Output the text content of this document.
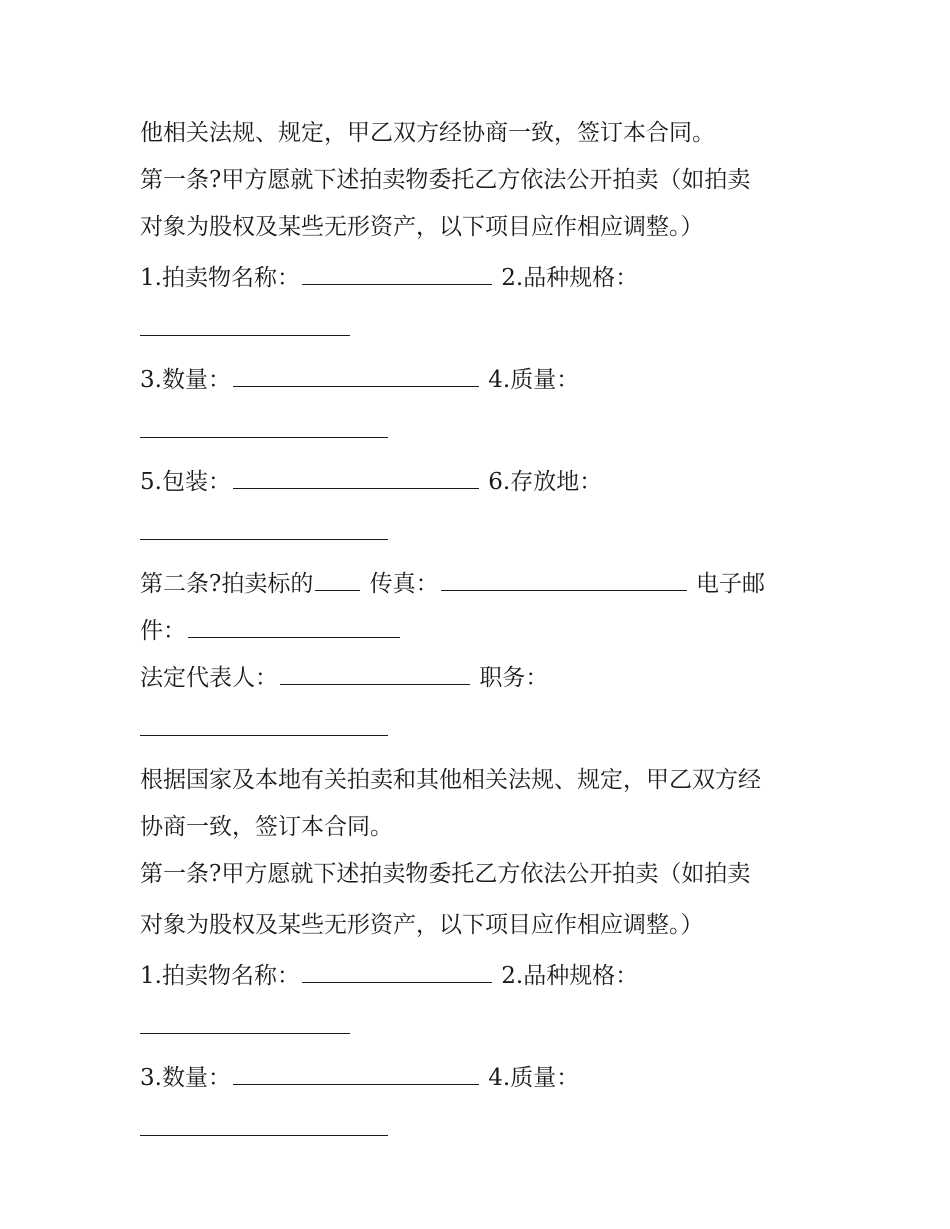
他相关法规、规定，甲乙双方经协商一致，签订本合同。
第一条?甲方愿就下述拍卖物委托乙方依法公开拍卖（如拍卖
对象为股权及某些无形资产，以下项目应作相应调整。）
1.拍卖物名称：	2.品种规格：
3.数量：	4.质量：
5.包装：	6.存放地：
第二条?拍卖标的 传真：	电子邮
件：
法定代表人：	职务：
根据国家及本地有关拍卖和其他相关法规、规定，甲乙双方经
协商一致，签订本合同。
第一条?甲方愿就下述拍卖物委托乙方依法公开拍卖（如拍卖
对象为股权及某些无形资产，以下项目应作相应调整。）
1.拍卖物名称：	2.品种规格：
3.数量：	4.质量：
